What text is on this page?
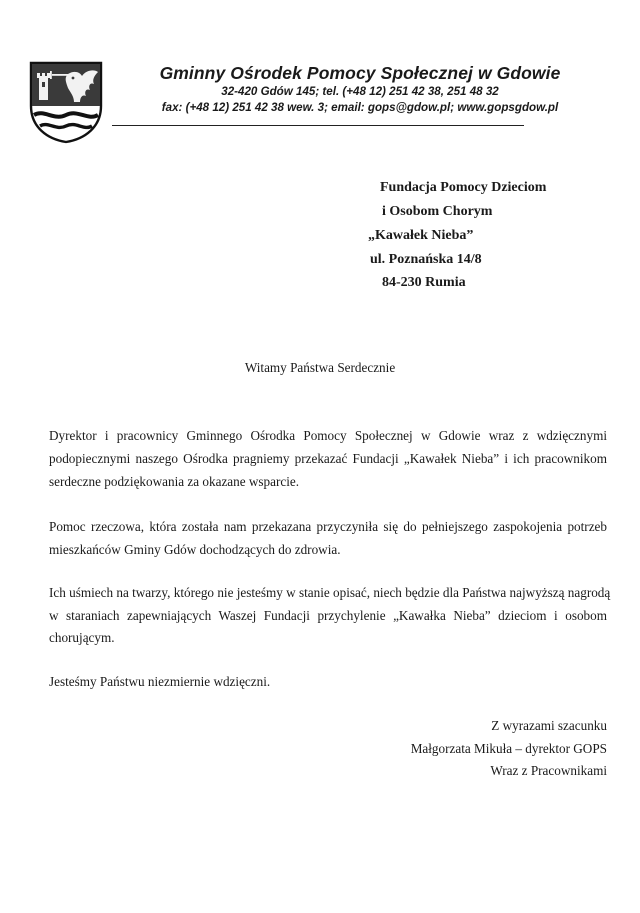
Gminny Ośrodek Pomocy Społecznej w Gdowie
32-420 Gdów 145; tel. (+48 12) 251 42 38, 251 48 32
fax: (+48 12) 251 42 38 wew. 3; email: gops@gdow.pl; www.gopsgdow.pl
Fundacja Pomocy Dzieciom
i Osobom Chorym
„Kawałek Nieba”
ul. Poznańska 14/8
84-230 Rumia
Witamy Państwa Serdecznie
Dyrektor i pracownicy Gminnego Ośrodka Pomocy Społecznej w Gdowie wraz z wdzięcznymi
podopiecznymi naszego Ośrodka pragniemy przekazać Fundacji „Kawałek Nieba” i ich pracownikom
serdeczne podziękowania za okazane wsparcie.
Pomoc rzeczowa, która została nam przekazana przyczyniła się do pełniejszego zaspokojenia potrzeb
mieszkańców Gminy Gdów dochodzących do zdrowia.
Ich uśmiech na twarzy, którego nie jesteśmy w stanie opisać, niech będzie dla Państwa najwyższą nagrodą
w staraniach zapewniających Waszej Fundacji przychylenie „Kawałka Nieba” dzieciom i osobom
chorującym.
Jesteśmy Państwu niezmiernie wdzięczni.
Z wyrazami szacunku
Małgorzata Mikuła – dyrektor GOPS
Wraz z Pracownikami
